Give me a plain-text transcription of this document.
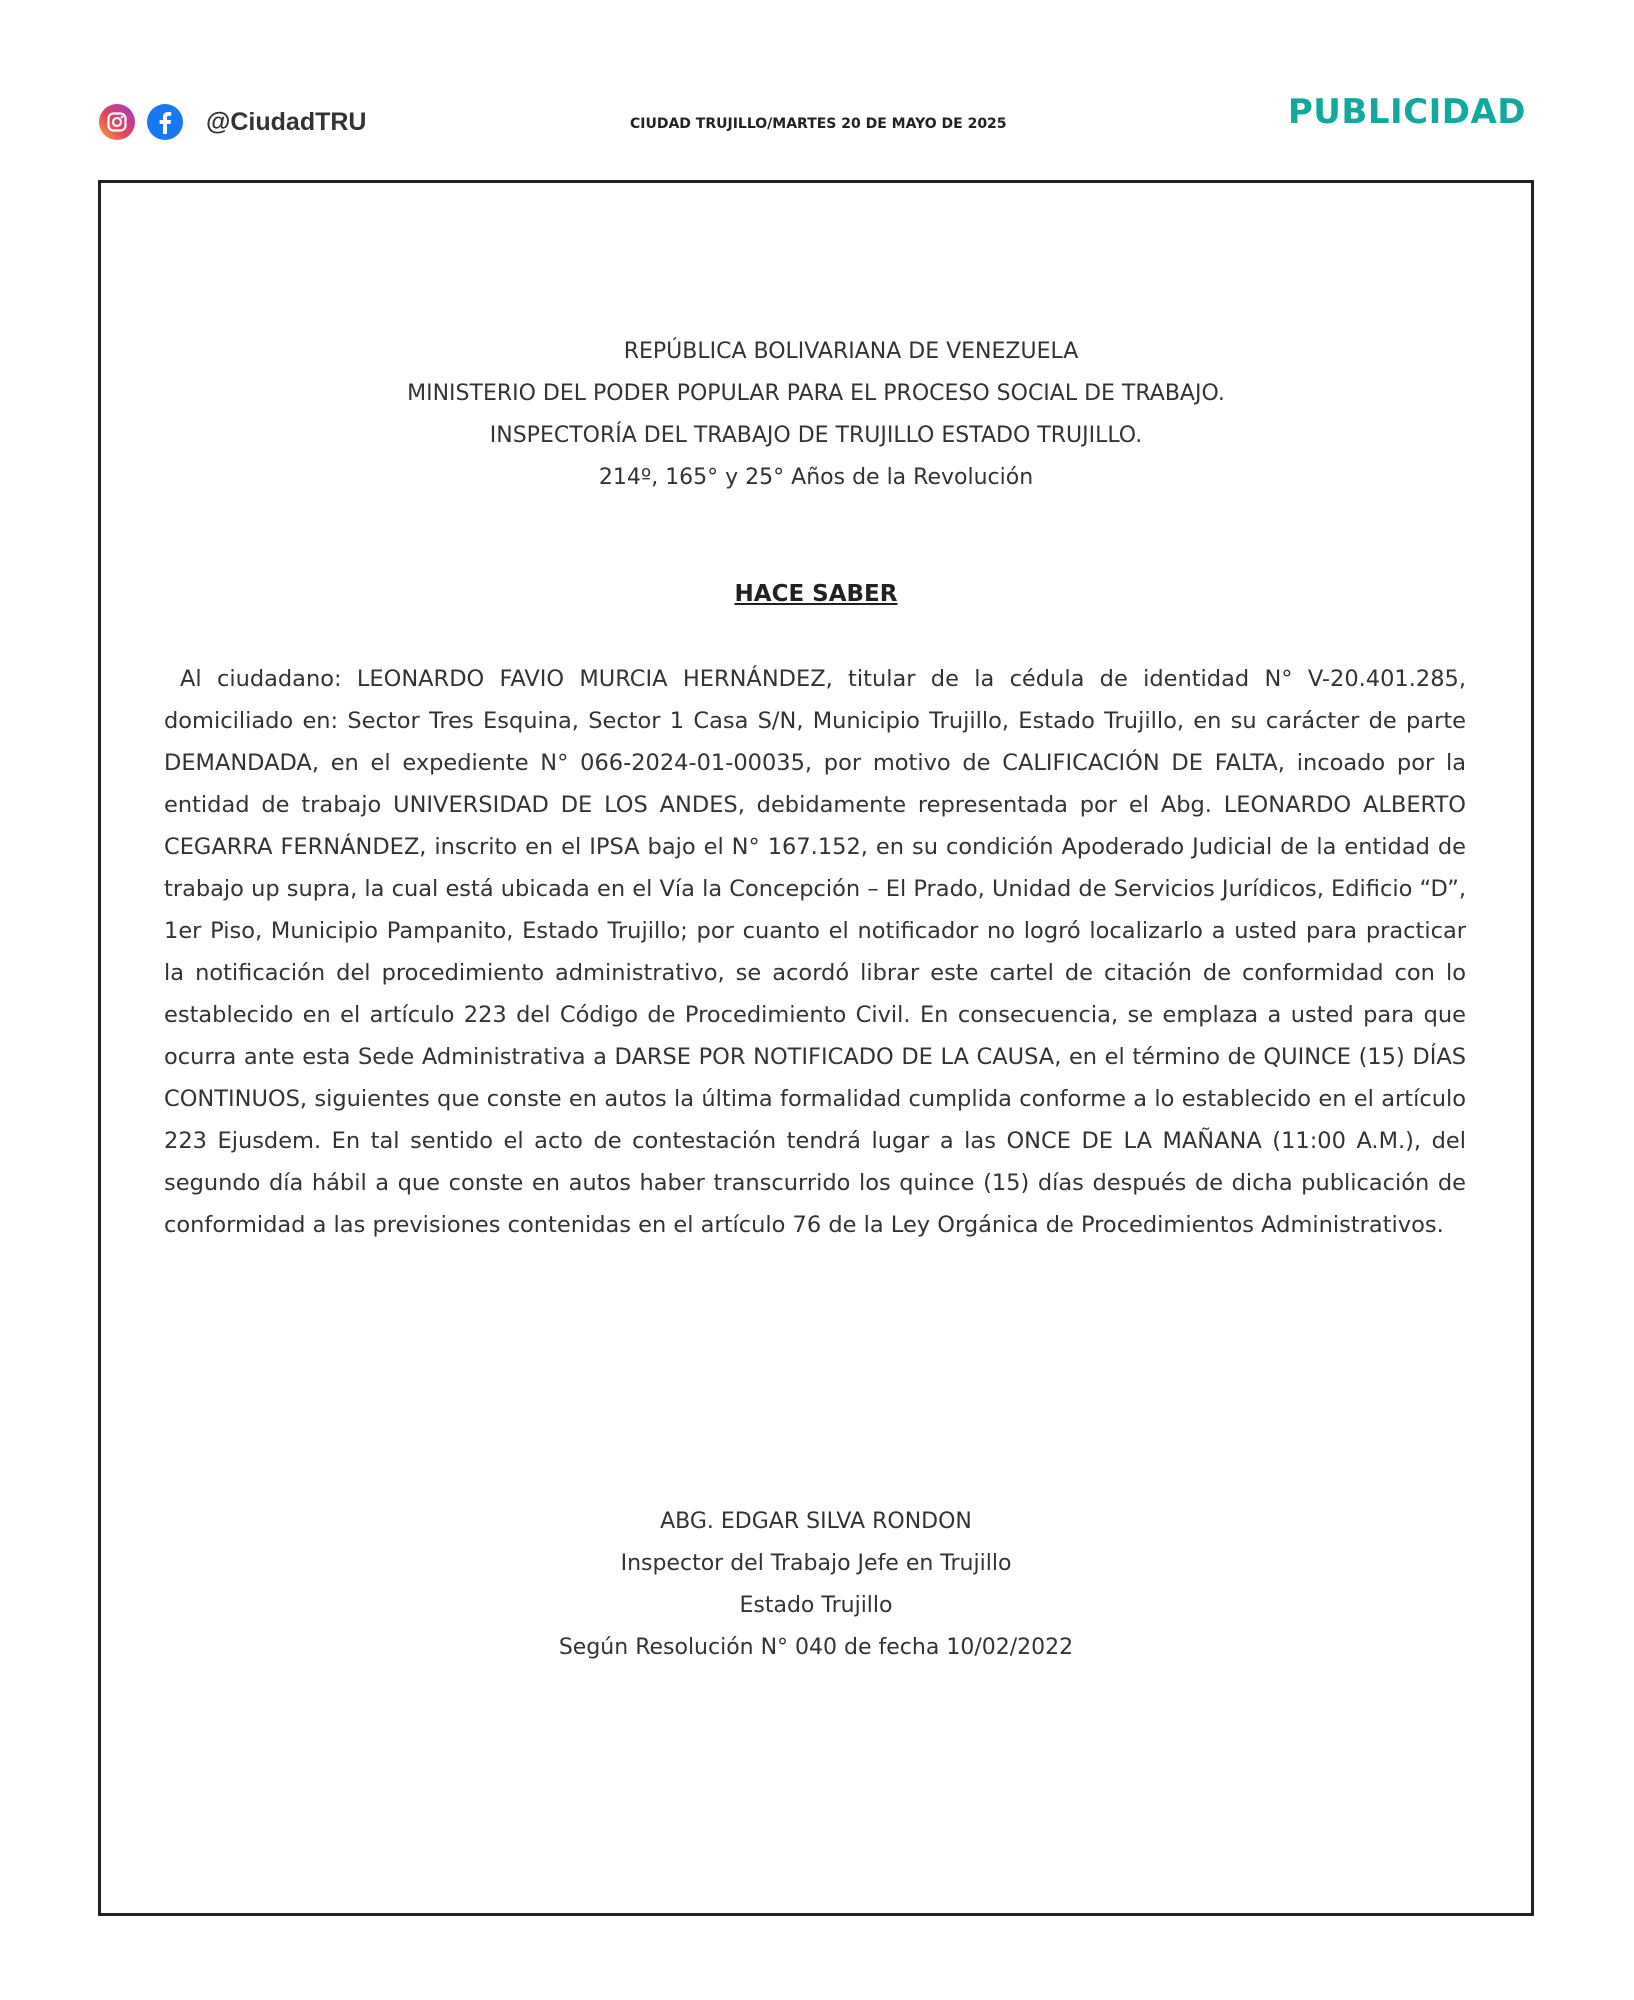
@CiudadTRU	CIUDAD TRUJILLO/MARTES 20 DE MAYO DE 2025	PUBLICIDAD
REPÚBLICA BOLIVARIANA DE VENEZUELA
MINISTERIO DEL PODER POPULAR PARA EL PROCESO SOCIAL DE TRABAJO.
INSPECTORÍA DEL TRABAJO DE TRUJILLO ESTADO TRUJILLO.
214º, 165° y 25° Años de la Revolución
HACE SABER
Al ciudadano: LEONARDO FAVIO MURCIA HERNÁNDEZ, titular de la cédula de identidad N° V-20.401.285, domiciliado en: Sector Tres Esquina, Sector 1 Casa S/N, Municipio Trujillo, Estado Trujillo, en su carácter de parte DEMANDADA, en el expediente N° 066-2024-01-00035, por motivo de CALIFICACIÓN DE FALTA, incoado por la entidad de trabajo UNIVERSIDAD DE LOS ANDES, debidamente representada por el Abg. LEONARDO ALBERTO CEGARRA FERNÁNDEZ, inscrito en el IPSA bajo el N° 167.152, en su condición Apoderado Judicial de la entidad de trabajo up supra, la cual está ubicada en el Vía la Concepción – El Prado, Unidad de Servicios Jurídicos, Edificio “D”, 1er Piso, Municipio Pampanito, Estado Trujillo; por cuanto el notificador no logró localizarlo a usted para practicar la notificación del procedimiento administrativo, se acordó librar este cartel de citación de conformidad con lo establecido en el artículo 223 del Código de Procedimiento Civil. En consecuencia, se emplaza a usted para que ocurra ante esta Sede Administrativa a DARSE POR NOTIFICADO DE LA CAUSA, en el término de QUINCE (15) DÍAS CONTINUOS, siguientes que conste en autos la última formalidad cumplida conforme a lo establecido en el artículo 223 Ejusdem. En tal sentido el acto de contestación tendrá lugar a las ONCE DE LA MAÑANA (11:00 A.M.), del segundo día hábil a que conste en autos haber transcurrido los quince (15) días después de dicha publicación de conformidad a las previsiones contenidas en el artículo 76 de la Ley Orgánica de Procedimientos Administrativos.
ABG. EDGAR SILVA RONDON
Inspector del Trabajo Jefe en Trujillo
Estado Trujillo
Según Resolución N° 040 de fecha 10/02/2022
